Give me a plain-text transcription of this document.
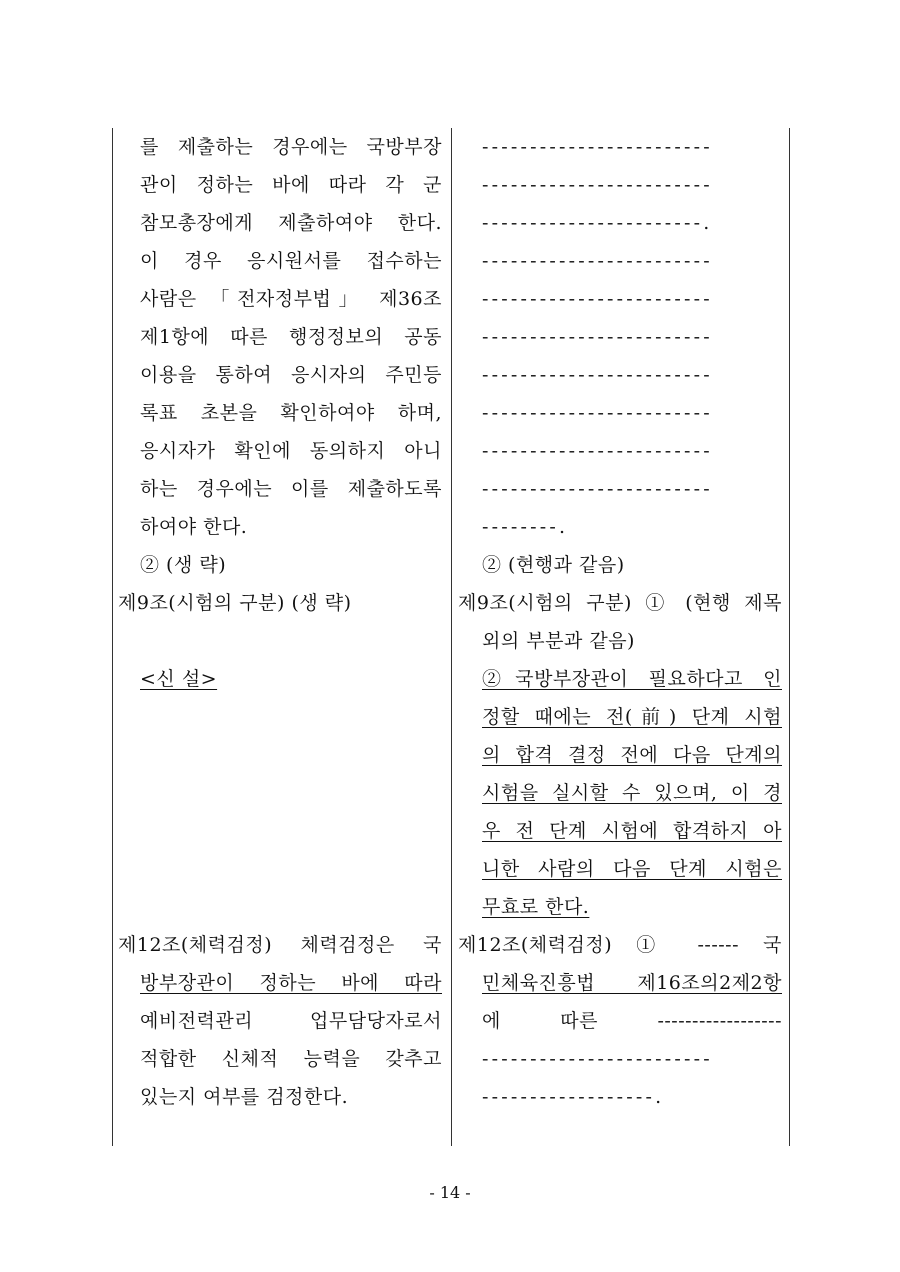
를 제출하는 경우에는 국방부장
관이 정하는 바에 따라 각 군
참모총장에게 제출하여야 한다.
이 경우 응시원서를 접수하는
사람은 「전자정부법」 제36조
제1항에 따른 행정정보의 공동
이용을 통하여 응시자의 주민등
록표 초본을 확인하여야 하며,
응시자가 확인에 동의하지 아니
하는 경우에는 이를 제출하도록
하여야 한다.
② (생 략)
제9조(시험의 구분) (생 략)
<신 설>
제12조(체력검정) 체력검정은 국
방부장관이 정하는 바에 따라
예비전력관리 업무담당자로서
적합한 신체적 능력을 갖추고
있는지 여부를 검정한다.
------------------------
------------------------
-----------------------.
------------------------
------------------------
------------------------
------------------------
------------------------
------------------------
------------------------
--------.
② (현행과 같음)
제9조(시험의 구분) ① (현행 제목
외의 부분과 같음)
②국방부장관이 필요하다고 인
정할 때에는 전(前) 단계 시험
의 합격 결정 전에 다음 단계의
시험을 실시할 수 있으며, 이 경
우 전 단계 시험에 합격하지 아
니한 사람의 다음 단계 시험은
무효로 한다.
제12조(체력검정) ① ------ 국
민체육진흥법 제16조의2제2항
에 따른 ------------------
------------------------
------------------.
- 14 -
